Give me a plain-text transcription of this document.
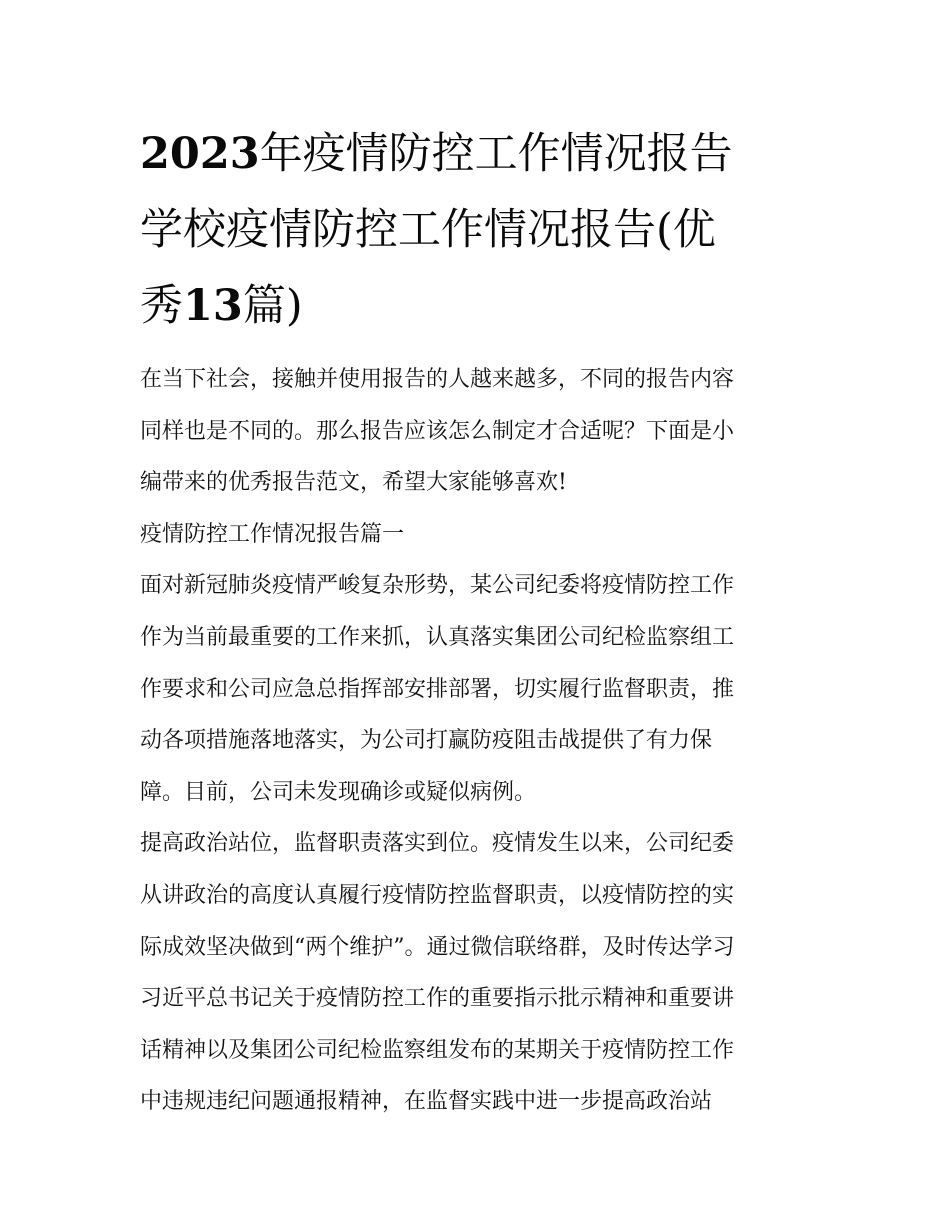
2023年疫情防控工作情况报告
学校疫情防控工作情况报告(优
秀13篇)

在当下社会，接触并使用报告的人越来越多，不同的报告内容

同样也是不同的。那么报告应该怎么制定才合适呢？下面是小

编带来的优秀报告范文，希望大家能够喜欢!

疫情防控工作情况报告篇一

面对新冠肺炎疫情严峻复杂形势，某公司纪委将疫情防控工作

作为当前最重要的工作来抓，认真落实集团公司纪检监察组工

作要求和公司应急总指挥部安排部署，切实履行监督职责，推

动各项措施落地落实，为公司打赢防疫阻击战提供了有力保

障。目前，公司未发现确诊或疑似病例。

提高政治站位，监督职责落实到位。疫情发生以来，公司纪委

从讲政治的高度认真履行疫情防控监督职责，以疫情防控的实

际成效坚决做到“两个维护”。通过微信联络群，及时传达学习

习近平总书记关于疫情防控工作的重要指示批示精神和重要讲

话精神以及集团公司纪检监察组发布的某期关于疫情防控工作

中违规违纪问题通报精神，在监督实践中进一步提高政治站
